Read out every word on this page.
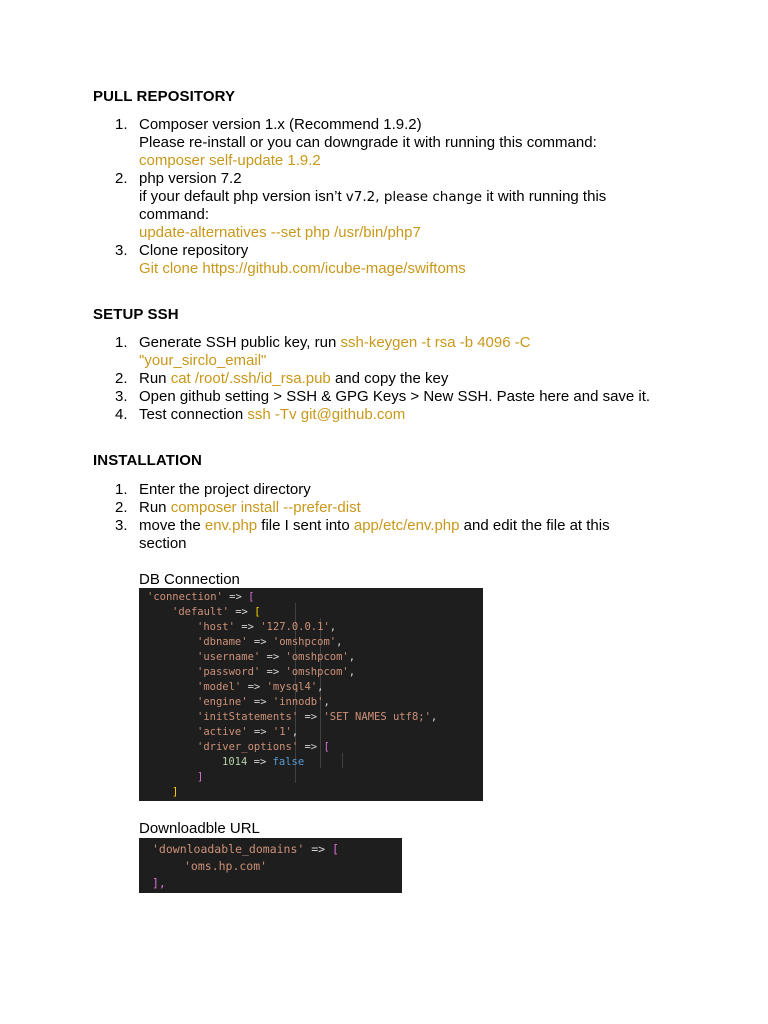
PULL REPOSITORY
1. Composer version 1.x (Recommend 1.9.2)
Please re-install or you can downgrade it with running this command:
composer self-update 1.9.2
2. php version 7.2
if your default php version isn’t v7.2, please change it with running this
command:
update-alternatives --set php /usr/bin/php7
3. Clone repository
Git clone https://github.com/icube-mage/swiftoms
SETUP SSH
1. Generate SSH public key, run ssh-keygen -t rsa -b 4096 -C
"your_sirclo_email"
2. Run cat /root/.ssh/id_rsa.pub and copy the key
3. Open github setting > SSH & GPG Keys > New SSH. Paste here and save it.
4. Test connection ssh -Tv git@github.com
INSTALLATION
1. Enter the project directory
2. Run composer install --prefer-dist
3. move the env.php file I sent into app/etc/env.php and edit the file at this
section
DB Connection
'connection' => [
'default' => [
'host' => '127.0.0.1',
'dbname' => 'omshpcom',
'username' => 'omshpcom',
'password' => 'omshpcom',
'model' => 'mysql4',
'engine' => 'innodb',
'initStatements' => 'SET NAMES utf8;',
'active' => '1',
'driver_options' => [
1014 => false
]
]
Downloadble URL
'downloadable_domains' => [
'oms.hp.com'
],
